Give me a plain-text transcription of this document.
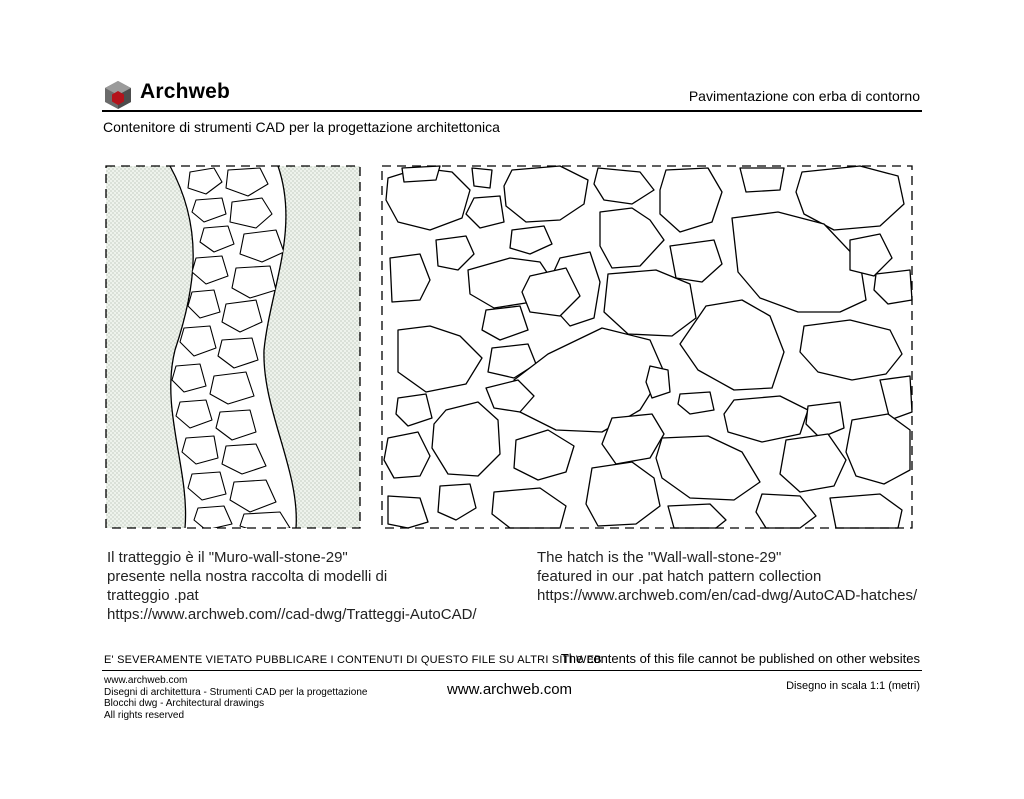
Archweb	Pavimentazione con erba di contorno
Contenitore di strumenti CAD per la progettazione architettonica
Il tratteggio è il "Muro-wall-stone-29"
presente nella nostra raccolta di modelli di
tratteggio .pat
https://www.archweb.com//cad-dwg/Tratteggi-AutoCAD/
The hatch is the "Wall-wall-stone-29"
featured in our .pat hatch pattern collection
https://www.archweb.com/en/cad-dwg/AutoCAD-hatches/
E' SEVERAMENTE VIETATO PUBBLICARE I CONTENUTI DI QUESTO FILE SU ALTRI SITI WEB
The contents of this file cannot be published on other websites
www.archweb.com
Disegni di architettura - Strumenti CAD per la progettazione
Blocchi dwg - Architectural drawings
All rights reserved
www.archweb.com	Disegno in scala 1:1 (metri)
